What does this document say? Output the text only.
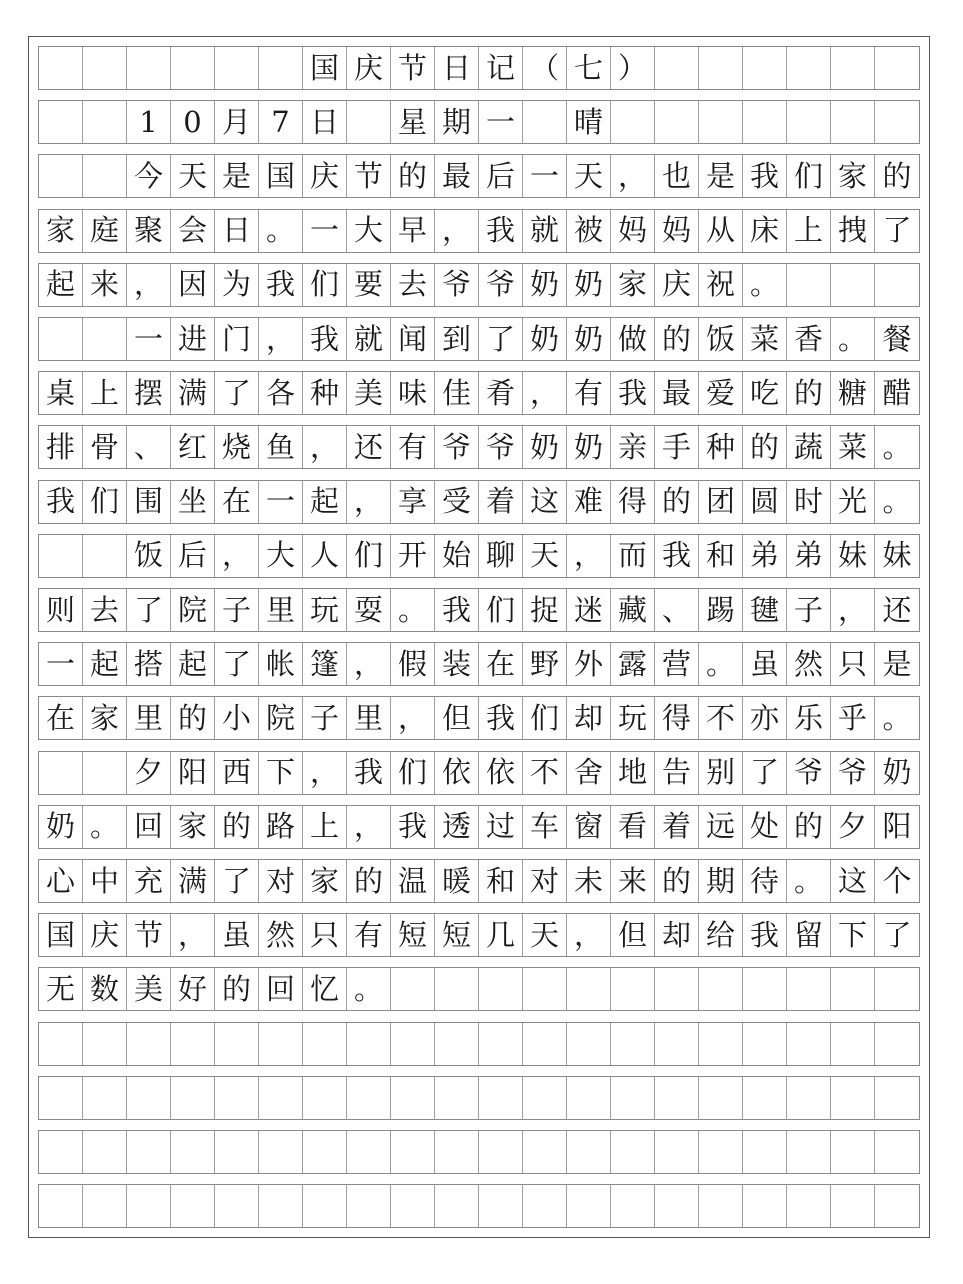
国 庆 节 日 记 （ 七 ）
1 0 月 7 日 星 期 一 晴
今 天 是 国 庆 节 的 最 后 一 天 ， 也 是 我 们 家 的
家 庭 聚 会 日 。 一 大 早 ， 我 就 被 妈 妈 从 床 上 拽 了
起 来 ， 因 为 我 们 要 去 爷 爷 奶 奶 家 庆 祝 。
一 进 门 ， 我 就 闻 到 了 奶 奶 做 的 饭 菜 香 。 餐
桌 上 摆 满 了 各 种 美 味 佳 肴 ， 有 我 最 爱 吃 的 糖 醋
排 骨 、 红 烧 鱼 ， 还 有 爷 爷 奶 奶 亲 手 种 的 蔬 菜 。
我 们 围 坐 在 一 起 ， 享 受 着 这 难 得 的 团 圆 时 光 。
饭 后 ， 大 人 们 开 始 聊 天 ， 而 我 和 弟 弟 妹 妹
则 去 了 院 子 里 玩 耍 。 我 们 捉 迷 藏 、 踢 毽 子 ， 还
一 起 搭 起 了 帐 篷 ， 假 装 在 野 外 露 营 。 虽 然 只 是
在 家 里 的 小 院 子 里 ， 但 我 们 却 玩 得 不 亦 乐 乎 。
夕 阳 西 下 ， 我 们 依 依 不 舍 地 告 别 了 爷 爷 奶
奶 。 回 家 的 路 上 ， 我 透 过 车 窗 看 着 远 处 的 夕 阳
心 中 充 满 了 对 家 的 温 暖 和 对 未 来 的 期 待 。 这 个
国 庆 节 ， 虽 然 只 有 短 短 几 天 ， 但 却 给 我 留 下 了
无 数 美 好 的 回 忆 。
